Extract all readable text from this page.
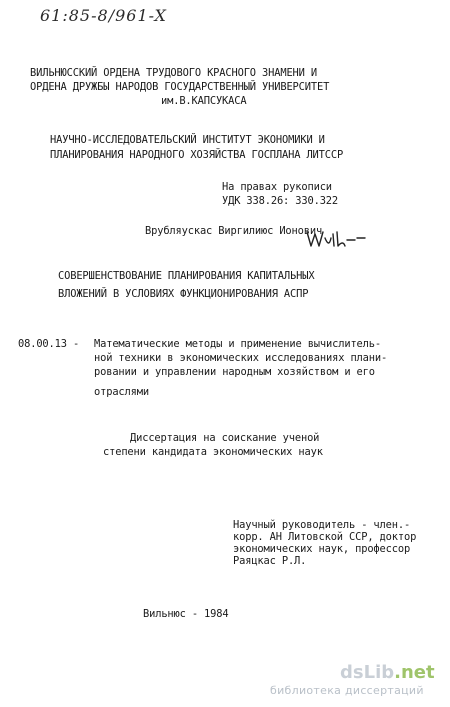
61:85-8/961-X
ВИЛЬНЮССКИЙ ОРДЕНА ТРУДОВОГО КРАСНОГО ЗНАМЕНИ И
ОРДЕНА ДРУЖБЫ НАРОДОВ ГОСУДАРСТВЕННЫЙ УНИВЕРСИТЕТ
им.В.КАПСУКАСА
НАУЧНО-ИССЛЕДОВАТЕЛЬСКИЙ ИНСТИТУТ ЭКОНОМИКИ И
ПЛАНИРОВАНИЯ НАРОДНОГО ХОЗЯЙСТВА ГОСПЛАНА ЛИТССР
На правах рукописи
УДК 338.26: 330.322
Врубляускас Виргилиюс Ионович
СОВЕРШЕНСТВОВАНИЕ ПЛАНИРОВАНИЯ КАПИТАЛЬНЫХ
ВЛОЖЕНИЙ В УСЛОВИЯХ ФУНКЦИОНИРОВАНИЯ АСПР
08.00.13 - Математические методы и применение вычислитель-
ной техники в экономических исследованиях плани-
ровании и управлении народным хозяйством и его
отраслями
Диссертация на соискание ученой
степени кандидата экономических наук
Научный руководитель - член.-
корр. АН Литовской ССР, доктор
экономических наук, профессор
Раяцкас Р.Л.
Вильнюс - 1984
dsLib.net
библиотека диссертаций
